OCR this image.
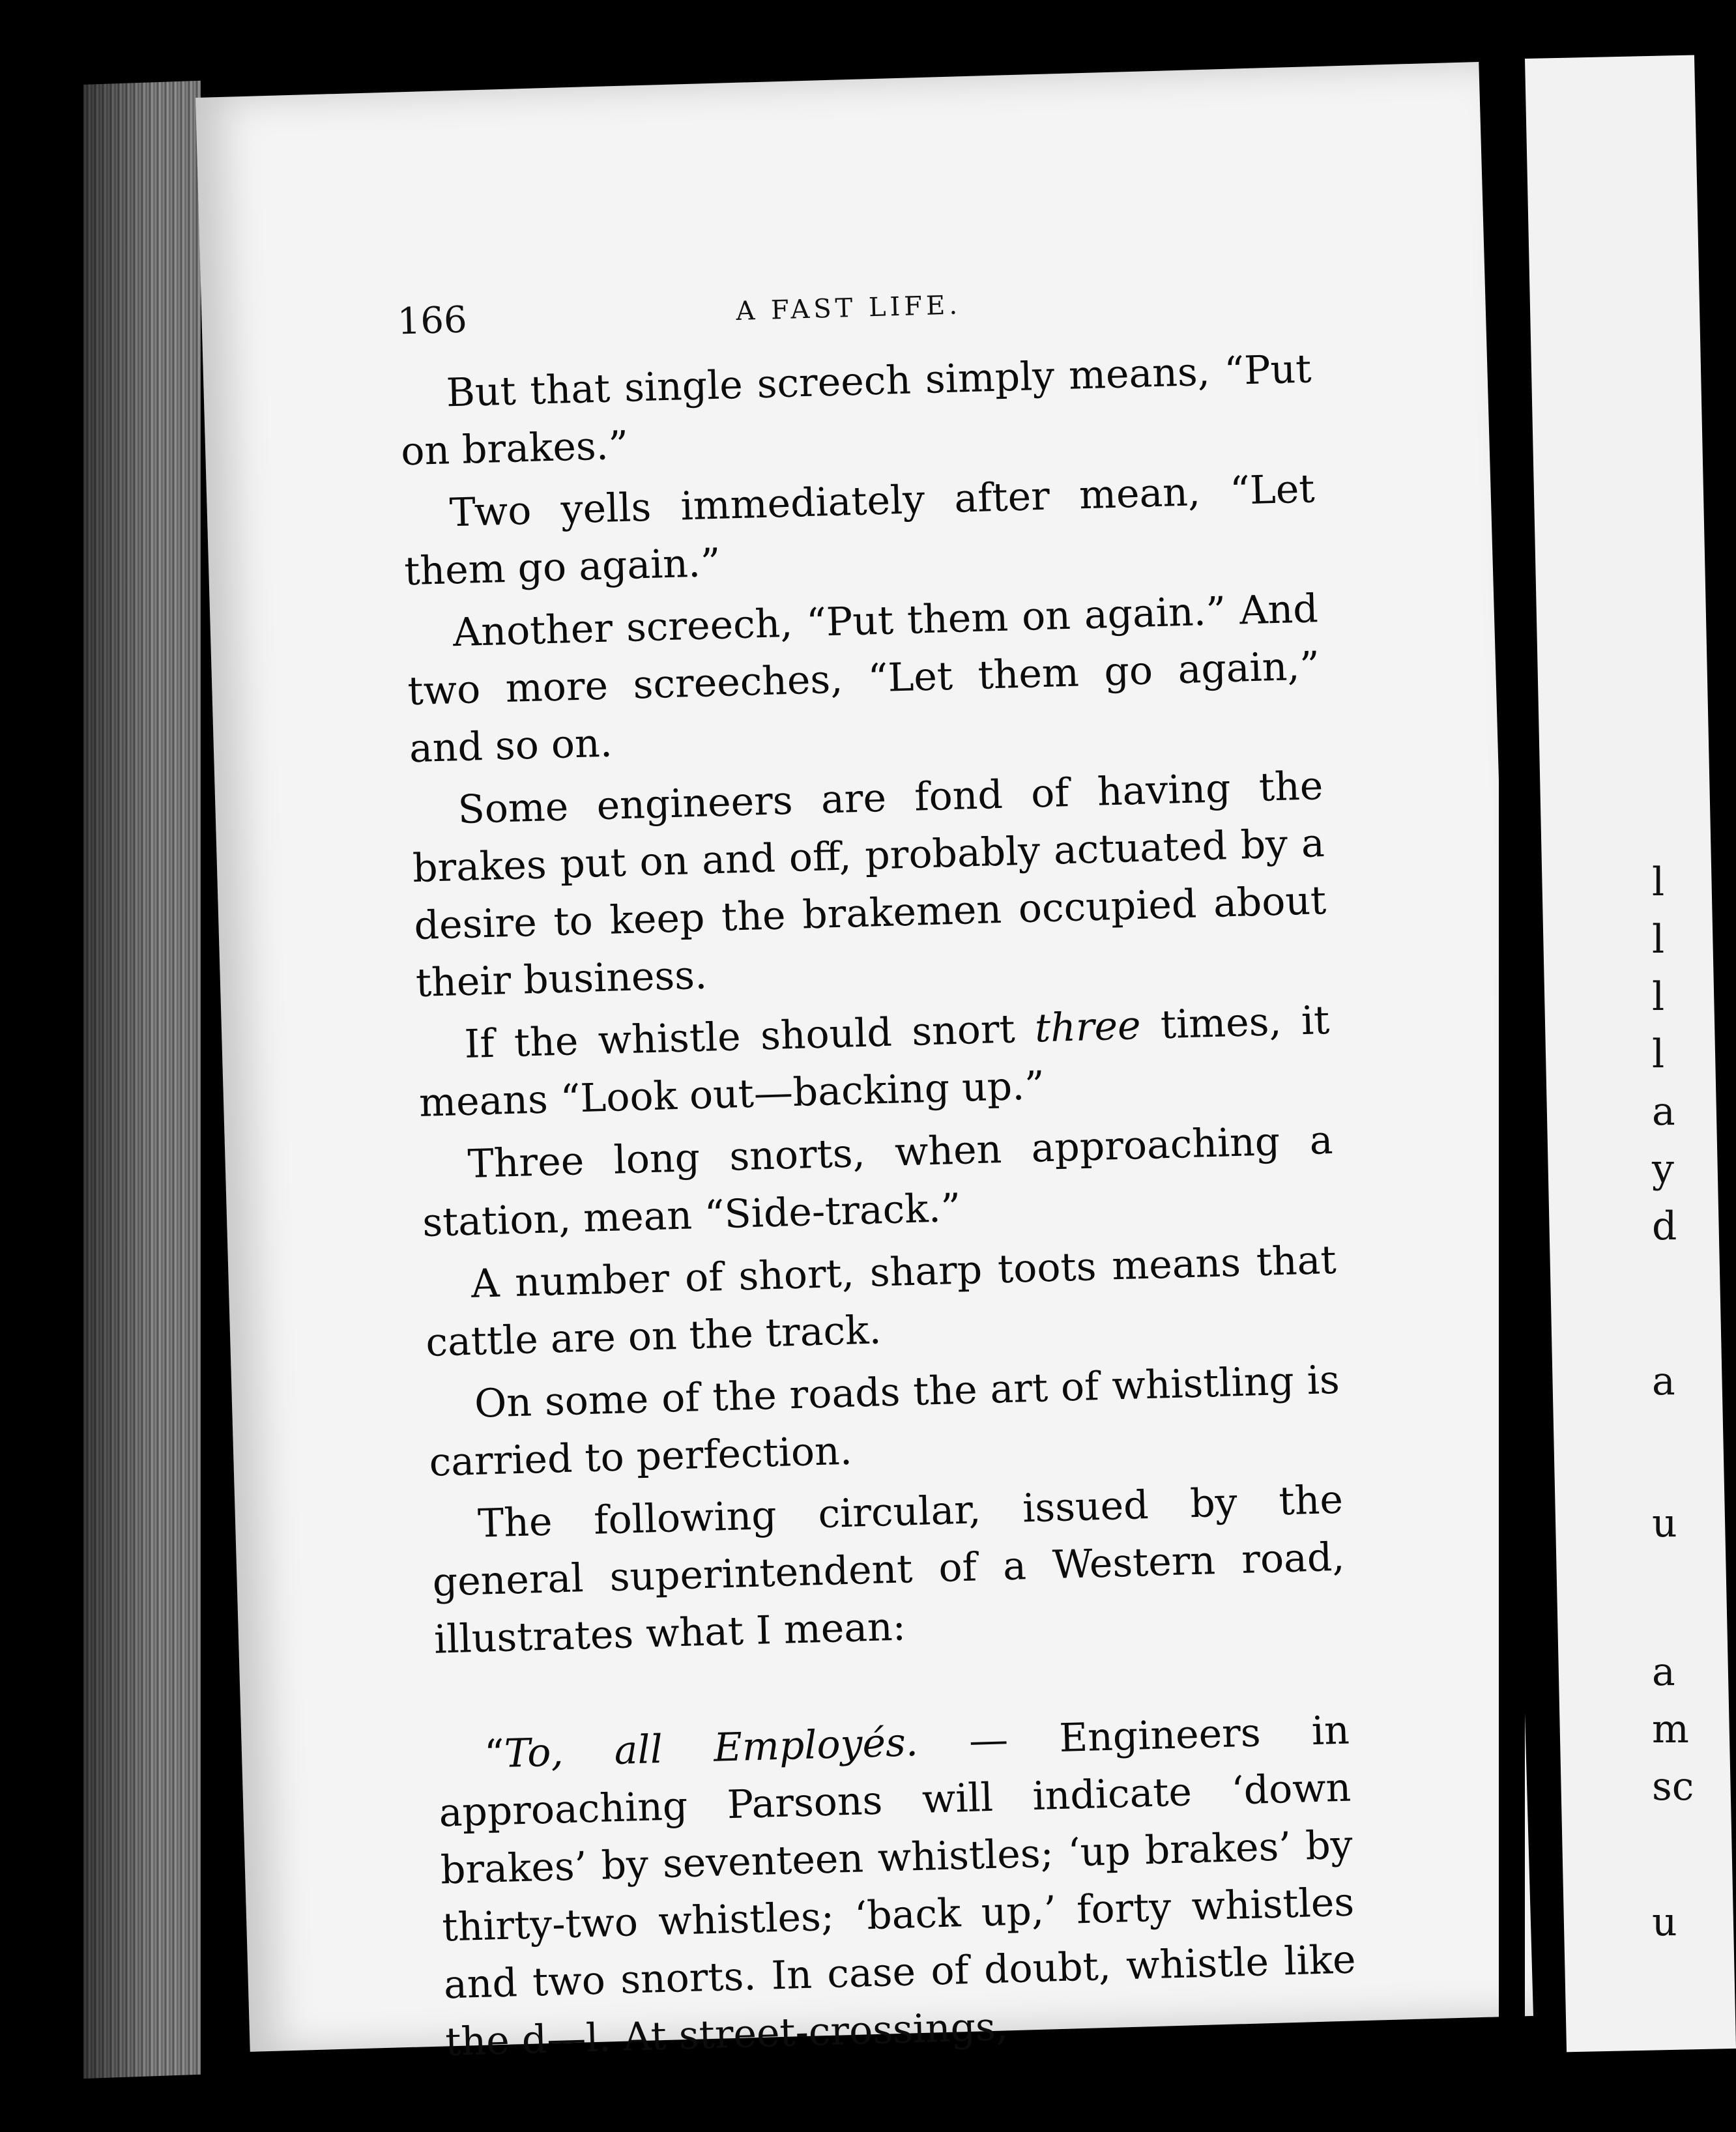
166	A FAST LIFE.

But that single screech simply means, “Put on brakes.”

Two yells immediately after mean, “Let them go again.”

Another screech, “Put them on again.” And two more screeches, “Let them go again,” and so on.

Some engineers are fond of having the brakes put on and off, probably actuated by a desire to keep the brakemen occupied about their business.

If the whistle should snort three times, it means “Look out—backing up.”

Three long snorts, when approaching a station, mean “Side-track.”

A number of short, sharp toots means that cattle are on the track.

On some of the roads the art of whistling is carried to perfection.

The following circular, issued by the general superintendent of a Western road, illustrates what I mean:

“To, all Employés. — Engineers in approaching Parsons will indicate ‘down brakes’ by seventeen whistles; ‘up brakes’ by thirty-two whistles; ‘back up,’ forty whistles and two snorts. In case of doubt, whistle like the d—l. At street-crossings,

l
l
l
l
a
y
d
a
u
a
m
sc
u
